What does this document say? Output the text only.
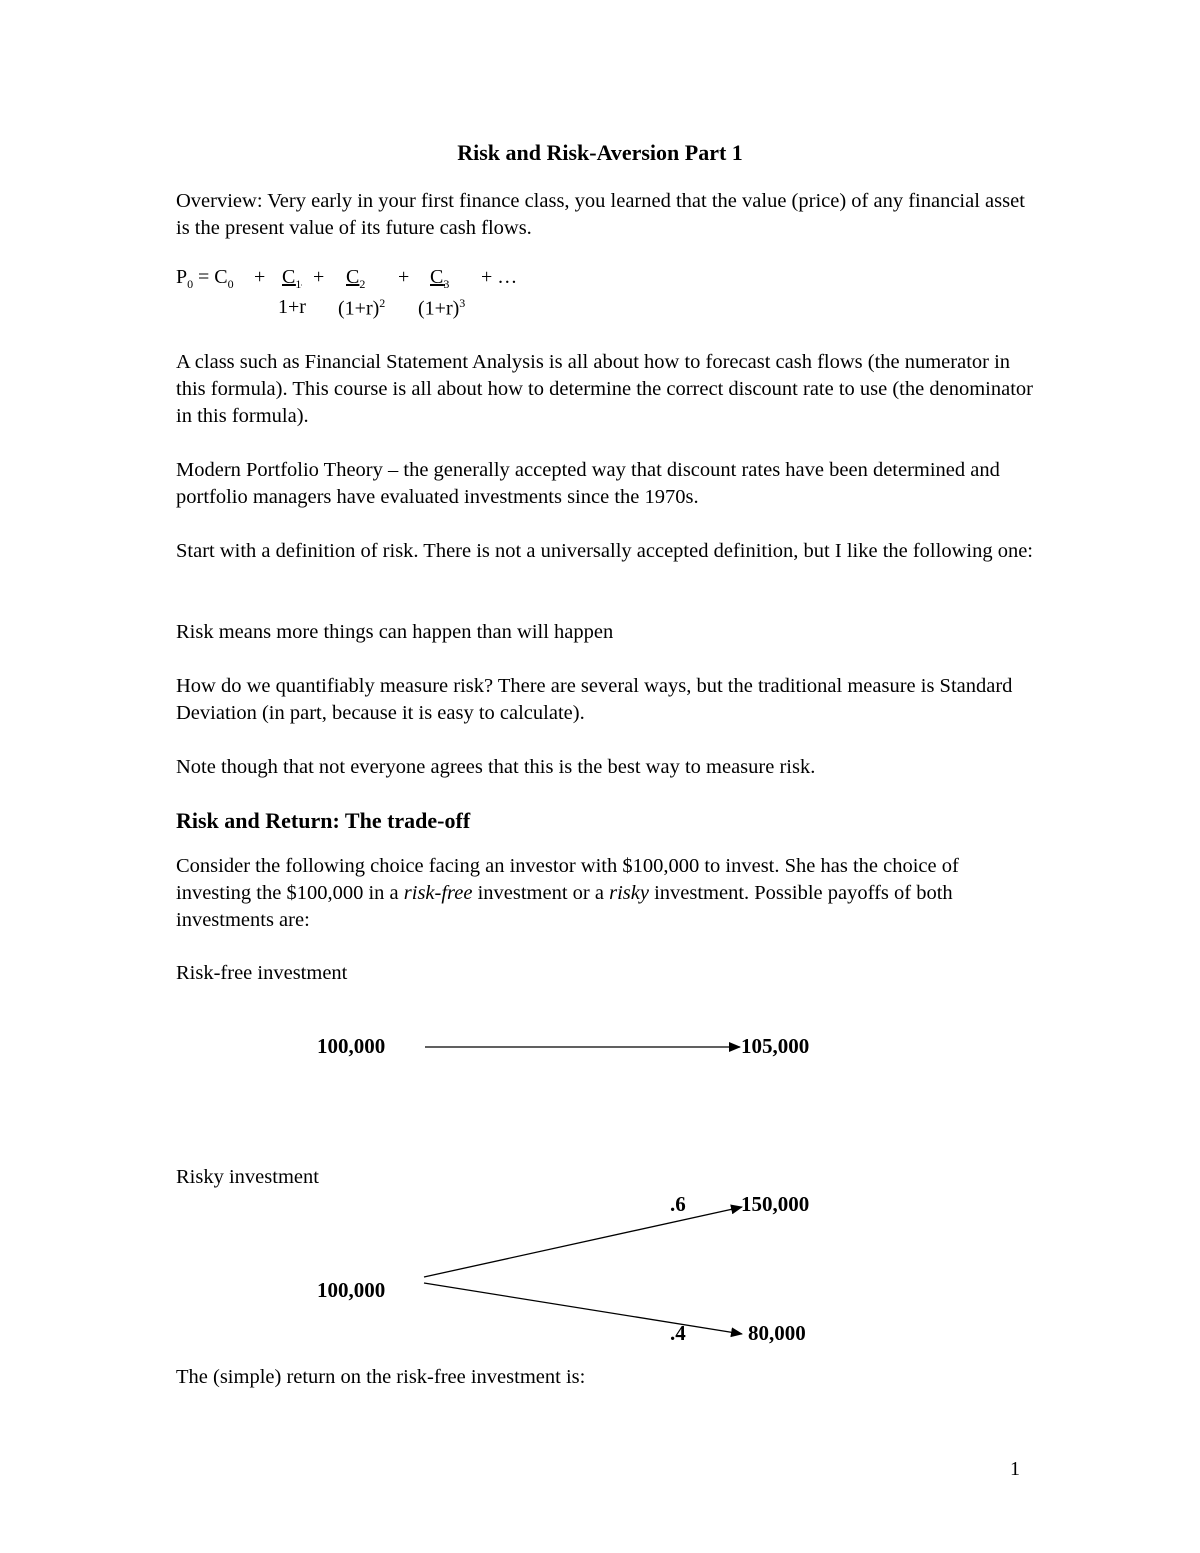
Risk and Risk-Aversion Part 1
Overview: Very early in your first finance class, you learned that the value (price) of any financial asset is the present value of its future cash flows.
$P_0 = C_0 + C_1 + C_2 + C_3$ + …
1+r $(1+r)^2$ $(1+r)^3$
A class such as Financial Statement Analysis is all about how to forecast cash flows (the numerator in this formula). This course is all about how to determine the correct discount rate to use (the denominator in this formula).
Modern Portfolio Theory – the generally accepted way that discount rates have been determined and portfolio managers have evaluated investments since the 1970s.
Start with a definition of risk. There is not a universally accepted definition, but I like the following one:
Risk means more things can happen than will happen
How do we quantifiably measure risk? There are several ways, but the traditional measure is Standard Deviation (in part, because it is easy to calculate).
Note though that not everyone agrees that this is the best way to measure risk.
Risk and Return: The trade-off
Consider the following choice facing an investor with $100,000 to invest. She has the choice of investing the $100,000 in a risk-free investment or a risky investment. Possible payoffs of both investments are:
Risk-free investment
100,000	105,000
Risky investment
.6	150,000
100,000
.4	80,000
The (simple) return on the risk-free investment is:
1
